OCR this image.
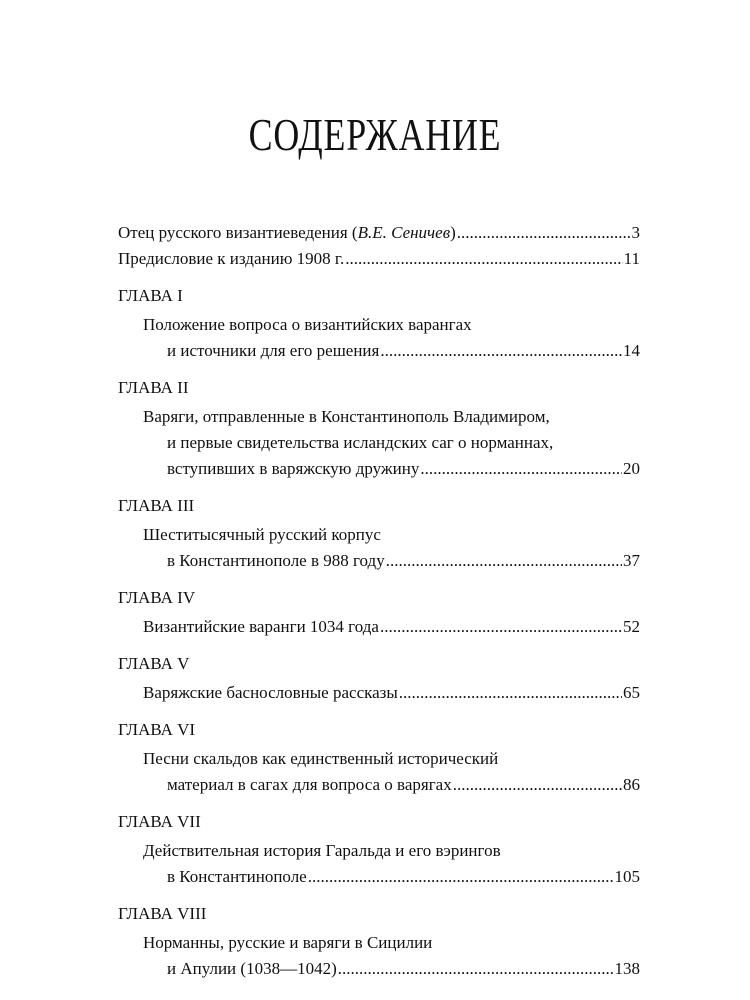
СОДЕРЖАНИЕ
Отец русского византиеведения (В.Е. Сеничев) .....	3
Предисловие к изданию 1908 г. .....	11
ГЛАВА I
Положение вопроса о византийских варангах
и источники для его решения .....	14
ГЛАВА II
Варяги, отправленные в Константинополь Владимиром,
и первые свидетельства исландских саг о норманнах,
вступивших в варяжскую дружину .....	20
ГЛАВА III
Шеститысячный русский корпус
в Константинополе в 988 году .....	37
ГЛАВА IV
Византийские варанги 1034 года .....	52
ГЛАВА V
Варяжские баснословные рассказы .....	65
ГЛАВА VI
Песни скальдов как единственный исторический
материал в сагах для вопроса о варягах .....	86
ГЛАВА VII
Действительная история Гаральда и его вэрингов
в Константинополе .....	105
ГЛАВА VIII
Норманны, русские и варяги в Сицилии
и Апулии (1038—1042) .....	138
